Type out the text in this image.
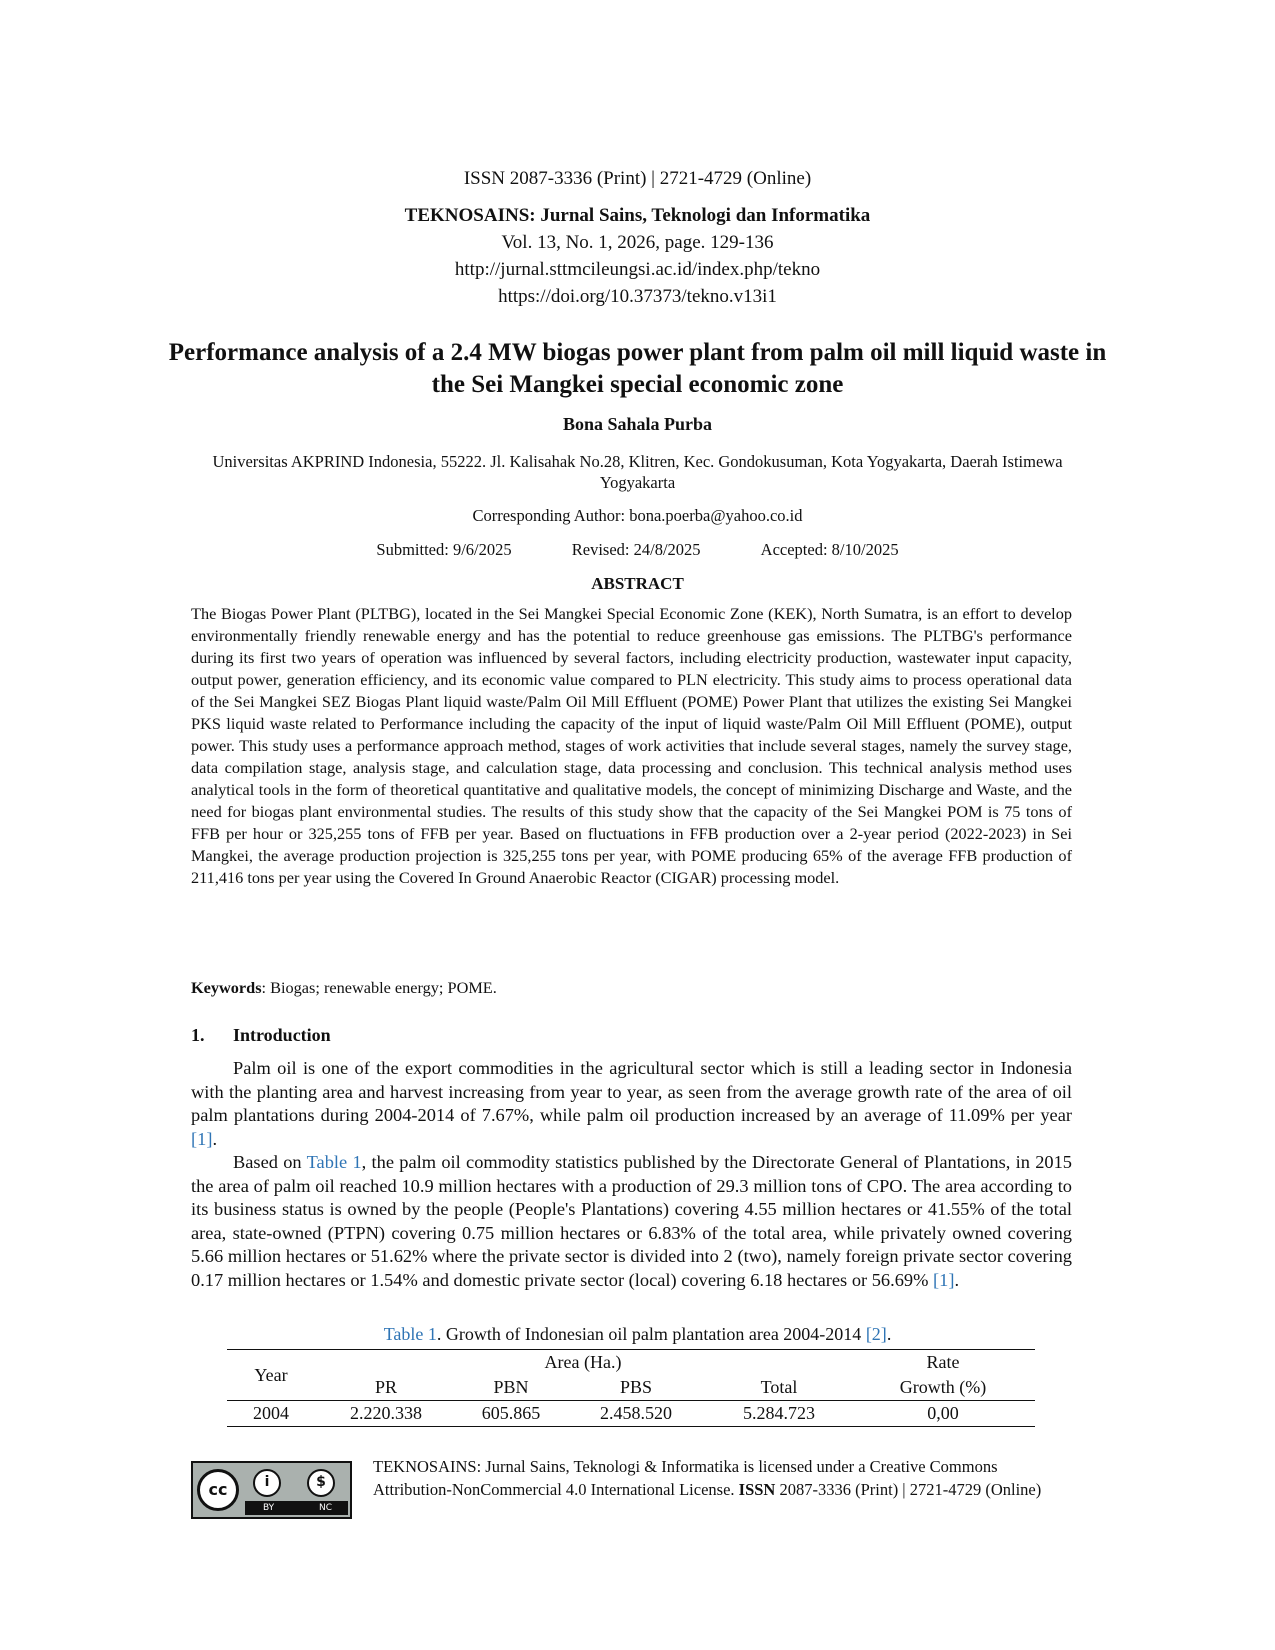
ISSN 2087-3336 (Print) | 2721-4729 (Online)
TEKNOSAINS: Jurnal Sains, Teknologi dan Informatika
Vol. 13, No. 1, 2026, page. 129-136
http://jurnal.sttmcileungsi.ac.id/index.php/tekno
https://doi.org/10.37373/tekno.v13i1
Performance analysis of a 2.4 MW biogas power plant from palm oil mill liquid waste in the Sei Mangkei special economic zone
Bona Sahala Purba
Universitas AKPRIND Indonesia, 55222. Jl. Kalisahak No.28, Klitren, Kec. Gondokusuman, Kota Yogyakarta, Daerah Istimewa Yogyakarta
Corresponding Author: bona.poerba@yahoo.co.id
Submitted: 9/6/2025	Revised: 24/8/2025	Accepted: 8/10/2025
ABSTRACT

The Biogas Power Plant (PLTBG), located in the Sei Mangkei Special Economic Zone (KEK), North Sumatra, is an effort to develop environmentally friendly renewable energy and has the potential to reduce greenhouse gas emissions. The PLTBG's performance during its first two years of operation was influenced by several factors, including electricity production, wastewater input capacity, output power, generation efficiency, and its economic value compared to PLN electricity. This study aims to process operational data of the Sei Mangkei SEZ Biogas Plant liquid waste/Palm Oil Mill Effluent (POME) Power Plant that utilizes the existing Sei Mangkei PKS liquid waste related to Performance including the capacity of the input of liquid waste/Palm Oil Mill Effluent (POME), output power. This study uses a performance approach method, stages of work activities that include several stages, namely the survey stage, data compilation stage, analysis stage, and calculation stage, data processing and conclusion. This technical analysis method uses analytical tools in the form of theoretical quantitative and qualitative models, the concept of minimizing Discharge and Waste, and the need for biogas plant environmental studies. The results of this study show that the capacity of the Sei Mangkei POM is 75 tons of FFB per hour or 325,255 tons of FFB per year. Based on fluctuations in FFB production over a 2-year period (2022-2023) in Sei Mangkei, the average production projection is 325,255 tons per year, with POME producing 65% of the average FFB production of 211,416 tons per year using the Covered In Ground Anaerobic Reactor (CIGAR) processing model.

Keywords: Biogas; renewable energy; POME.

1. Introduction

Palm oil is one of the export commodities in the agricultural sector which is still a leading sector in Indonesia with the planting area and harvest increasing from year to year, as seen from the average growth rate of the area of oil palm plantations during 2004-2014 of 7.67%, while palm oil production increased by an average of 11.09% per year [1].

Based on Table 1, the palm oil commodity statistics published by the Directorate General of Plantations, in 2015 the area of palm oil reached 10.9 million hectares with a production of 29.3 million tons of CPO. The area according to its business status is owned by the people (People's Plantations) covering 4.55 million hectares or 41.55% of the total area, state-owned (PTPN) covering 0.75 million hectares or 6.83% of the total area, while privately owned covering 5.66 million hectares or 51.62% where the private sector is divided into 2 (two), namely foreign private sector covering 0.17 million hectares or 1.54% and domestic private sector (local) covering 6.18 hectares or 56.69% [1].

Table 1. Growth of Indonesian oil palm plantation area 2004-2014 [2].
Year	Area (Ha.)				Rate
	PR	PBN	PBS	Total	Growth (%)
2004	2.220.338	605.865	2.458.520	5.284.723	0,00
cc	i	$
BY	NC
TEKNOSAINS: Jurnal Sains, Teknologi & Informatika is licensed under a Creative Commons Attribution-NonCommercial 4.0 International License. ISSN 2087-3336 (Print) | 2721-4729 (Online)
